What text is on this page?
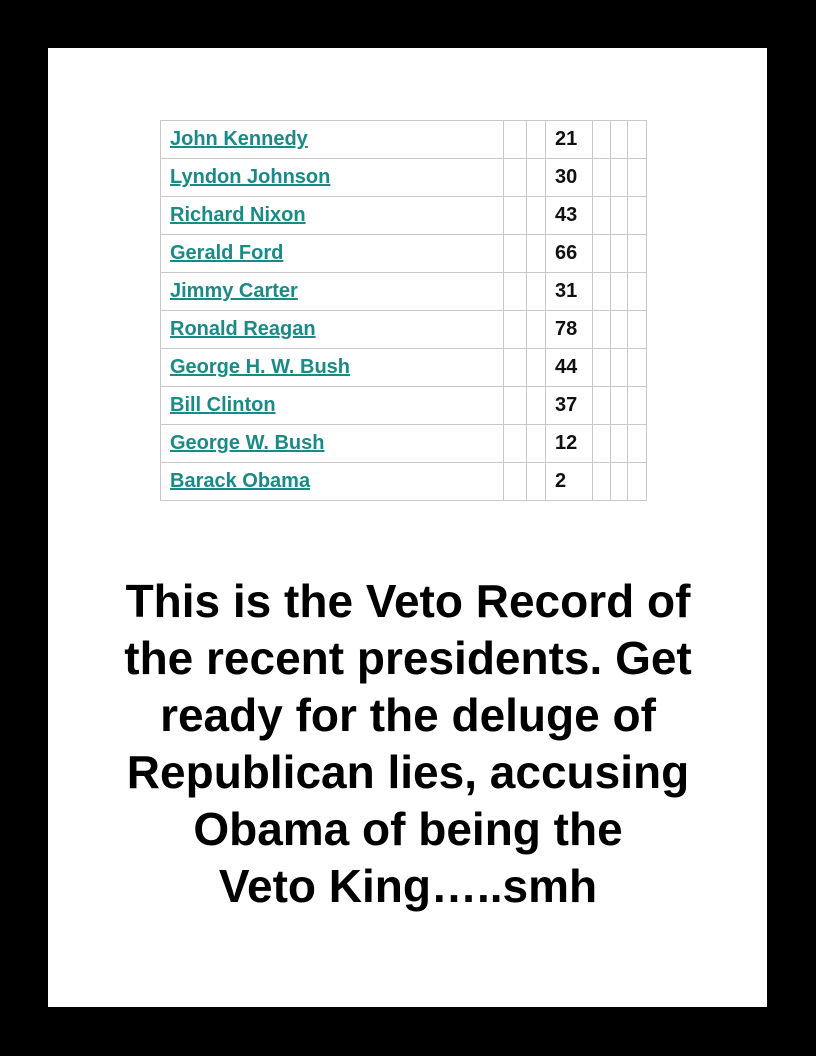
John Kennedy			21			
Lyndon Johnson			30			
Richard Nixon			43			
Gerald Ford			66			
Jimmy Carter			31			
Ronald Reagan			78			
George H. W. Bush			44			
Bill Clinton			37			
George W. Bush			12			
Barack Obama			2			
This is the Veto Record of
the recent presidents. Get
ready for the deluge of
Republican lies, accusing
Obama of being the
Veto King…..smh
